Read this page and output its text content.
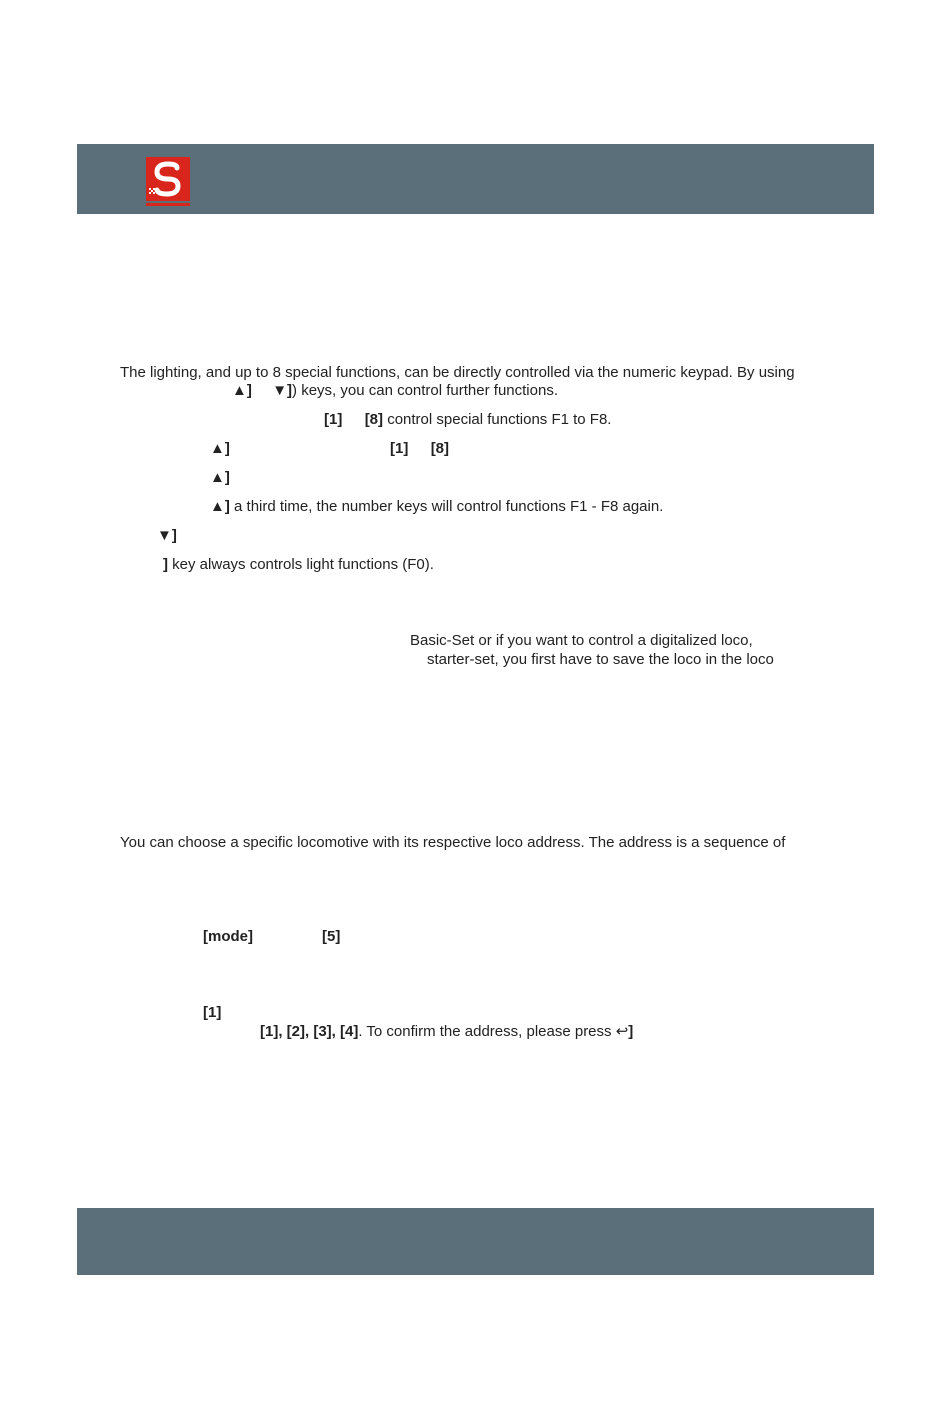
The lighting, and up to 8 special functions, can be directly controlled via the numeric keypad. By using
▲] ▼]) keys, you can control further functions.
[1] [8] control special functions F1 to F8.
▲]	[1] [8]
▲]
▲] a third time, the number keys will control functions F1 - F8 again.
▼]
] key always controls light functions (F0).
Basic-Set or if you want to control a digitalized loco,
starter-set, you first have to save the loco in the loco
You can choose a specific locomotive with its respective loco address. The address is a sequence of
[mode]	[5]
[1]
[1], [2], [3], [4]. To confirm the address, please press ↩]
